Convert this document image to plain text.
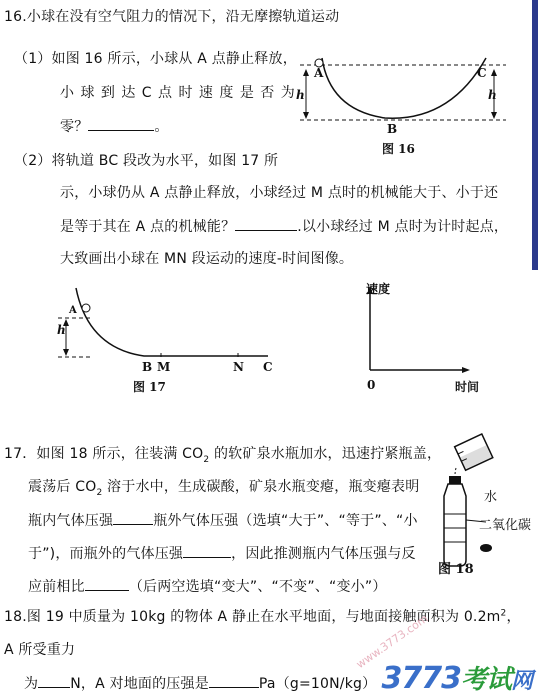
16.小球在没有空气阻力的情况下，沿无摩擦轨道运动
（1）如图 16 所示，小球从 A 点静止释放，
小 球 到 达 C 点 时 速 度 是 否 为
零？	。
（2）将轨道 BC 段改为水平，如图 17 所
示，小球仍从 A 点静止释放，小球经过 M 点时的机械能大于、小于还
是等于其在 A 点的机械能？	.以小球经过 M 点时为计时起点，
大致画出小球在 MN 段运动的速度-时间图像。
A	C
h	h
B
图 16
A
h
B M	N C
图 17
速度
0	时间
17．如图 18 所示，往装满 $CO_2$ 的软矿泉水瓶加水，迅速拧紧瓶盖，
震荡后 $CO_2$ 溶于水中，生成碳酸，矿泉水瓶变瘪，瓶变瘪表明
瓶内气体压强	瓶外气体压强（选填“大于”、“等于”、“小
于”)，而瓶外的气体压强	，因此推测瓶内气体压强与反
应前相比	（后两空选填“变大”、“不变”、“变小”）
水
二氧化碳
图 18
18.图 19 中质量为 10kg 的物体 A 静止在水平地面，与地面接触面积为 $0.2m^2$，
A 所受重力
为 N，A 对地面的压强是	Pa（g=10N/kg）
www.3773.com
3773考试网
